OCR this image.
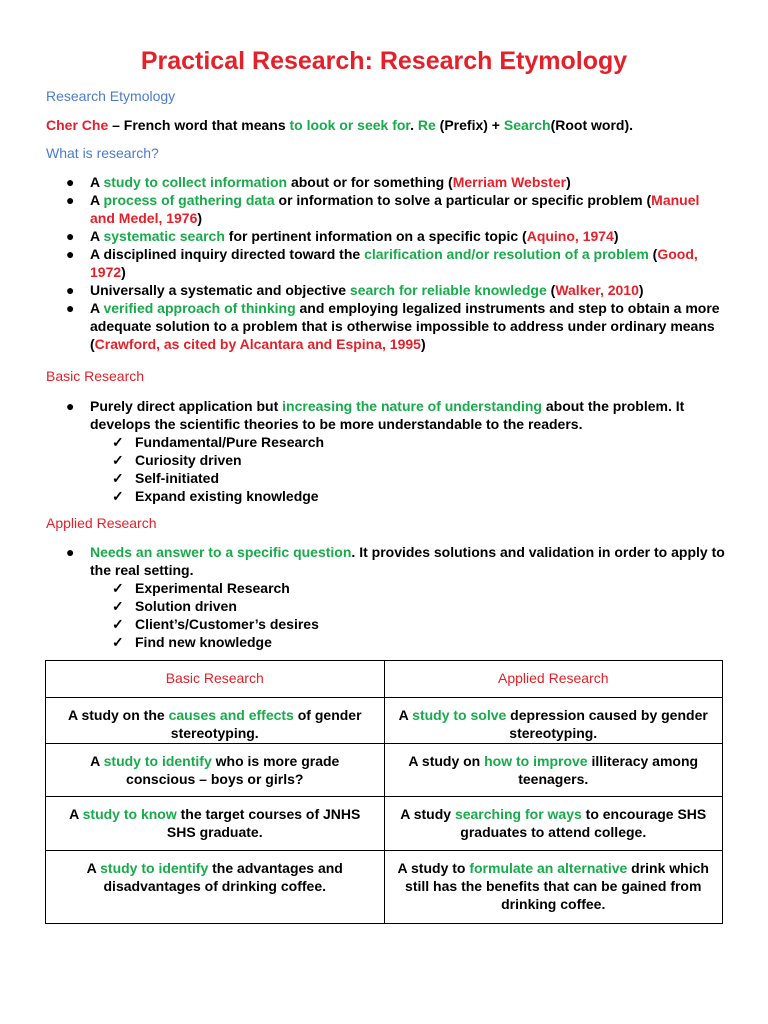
Practical Research: Research Etymology
Research Etymology
Cher Che – French word that means to look or seek for. Re (Prefix) + Search(Root word).
What is research?
● A study to collect information about or for something (Merriam Webster)
● A process of gathering data or information to solve a particular or specific problem (Manuel and Medel, 1976)
● A systematic search for pertinent information on a specific topic (Aquino, 1974)
● A disciplined inquiry directed toward the clarification and/or resolution of a problem (Good, 1972)
● Universally a systematic and objective search for reliable knowledge (Walker, 2010)
● A verified approach of thinking and employing legalized instruments and step to obtain a more adequate solution to a problem that is otherwise impossible to address under ordinary means (Crawford, as cited by Alcantara and Espina, 1995)
Basic Research
● Purely direct application but increasing the nature of understanding about the problem. It develops the scientific theories to be more understandable to the readers.
✓ Fundamental/Pure Research
✓ Curiosity driven
✓ Self-initiated
✓ Expand existing knowledge
Applied Research
● Needs an answer to a specific question. It provides solutions and validation in order to apply to the real setting.
✓ Experimental Research
✓ Solution driven
✓ Client’s/Customer’s desires
✓ Find new knowledge
Basic Research	Applied Research
A study on the causes and effects of gender stereotyping.	A study to solve depression caused by gender stereotyping.
A study to identify who is more grade conscious – boys or girls?	A study on how to improve illiteracy among teenagers.
A study to know the target courses of JNHS SHS graduate.	A study searching for ways to encourage SHS graduates to attend college.
A study to identify the advantages and disadvantages of drinking coffee.	A study to formulate an alternative drink which still has the benefits that can be gained from drinking coffee.
